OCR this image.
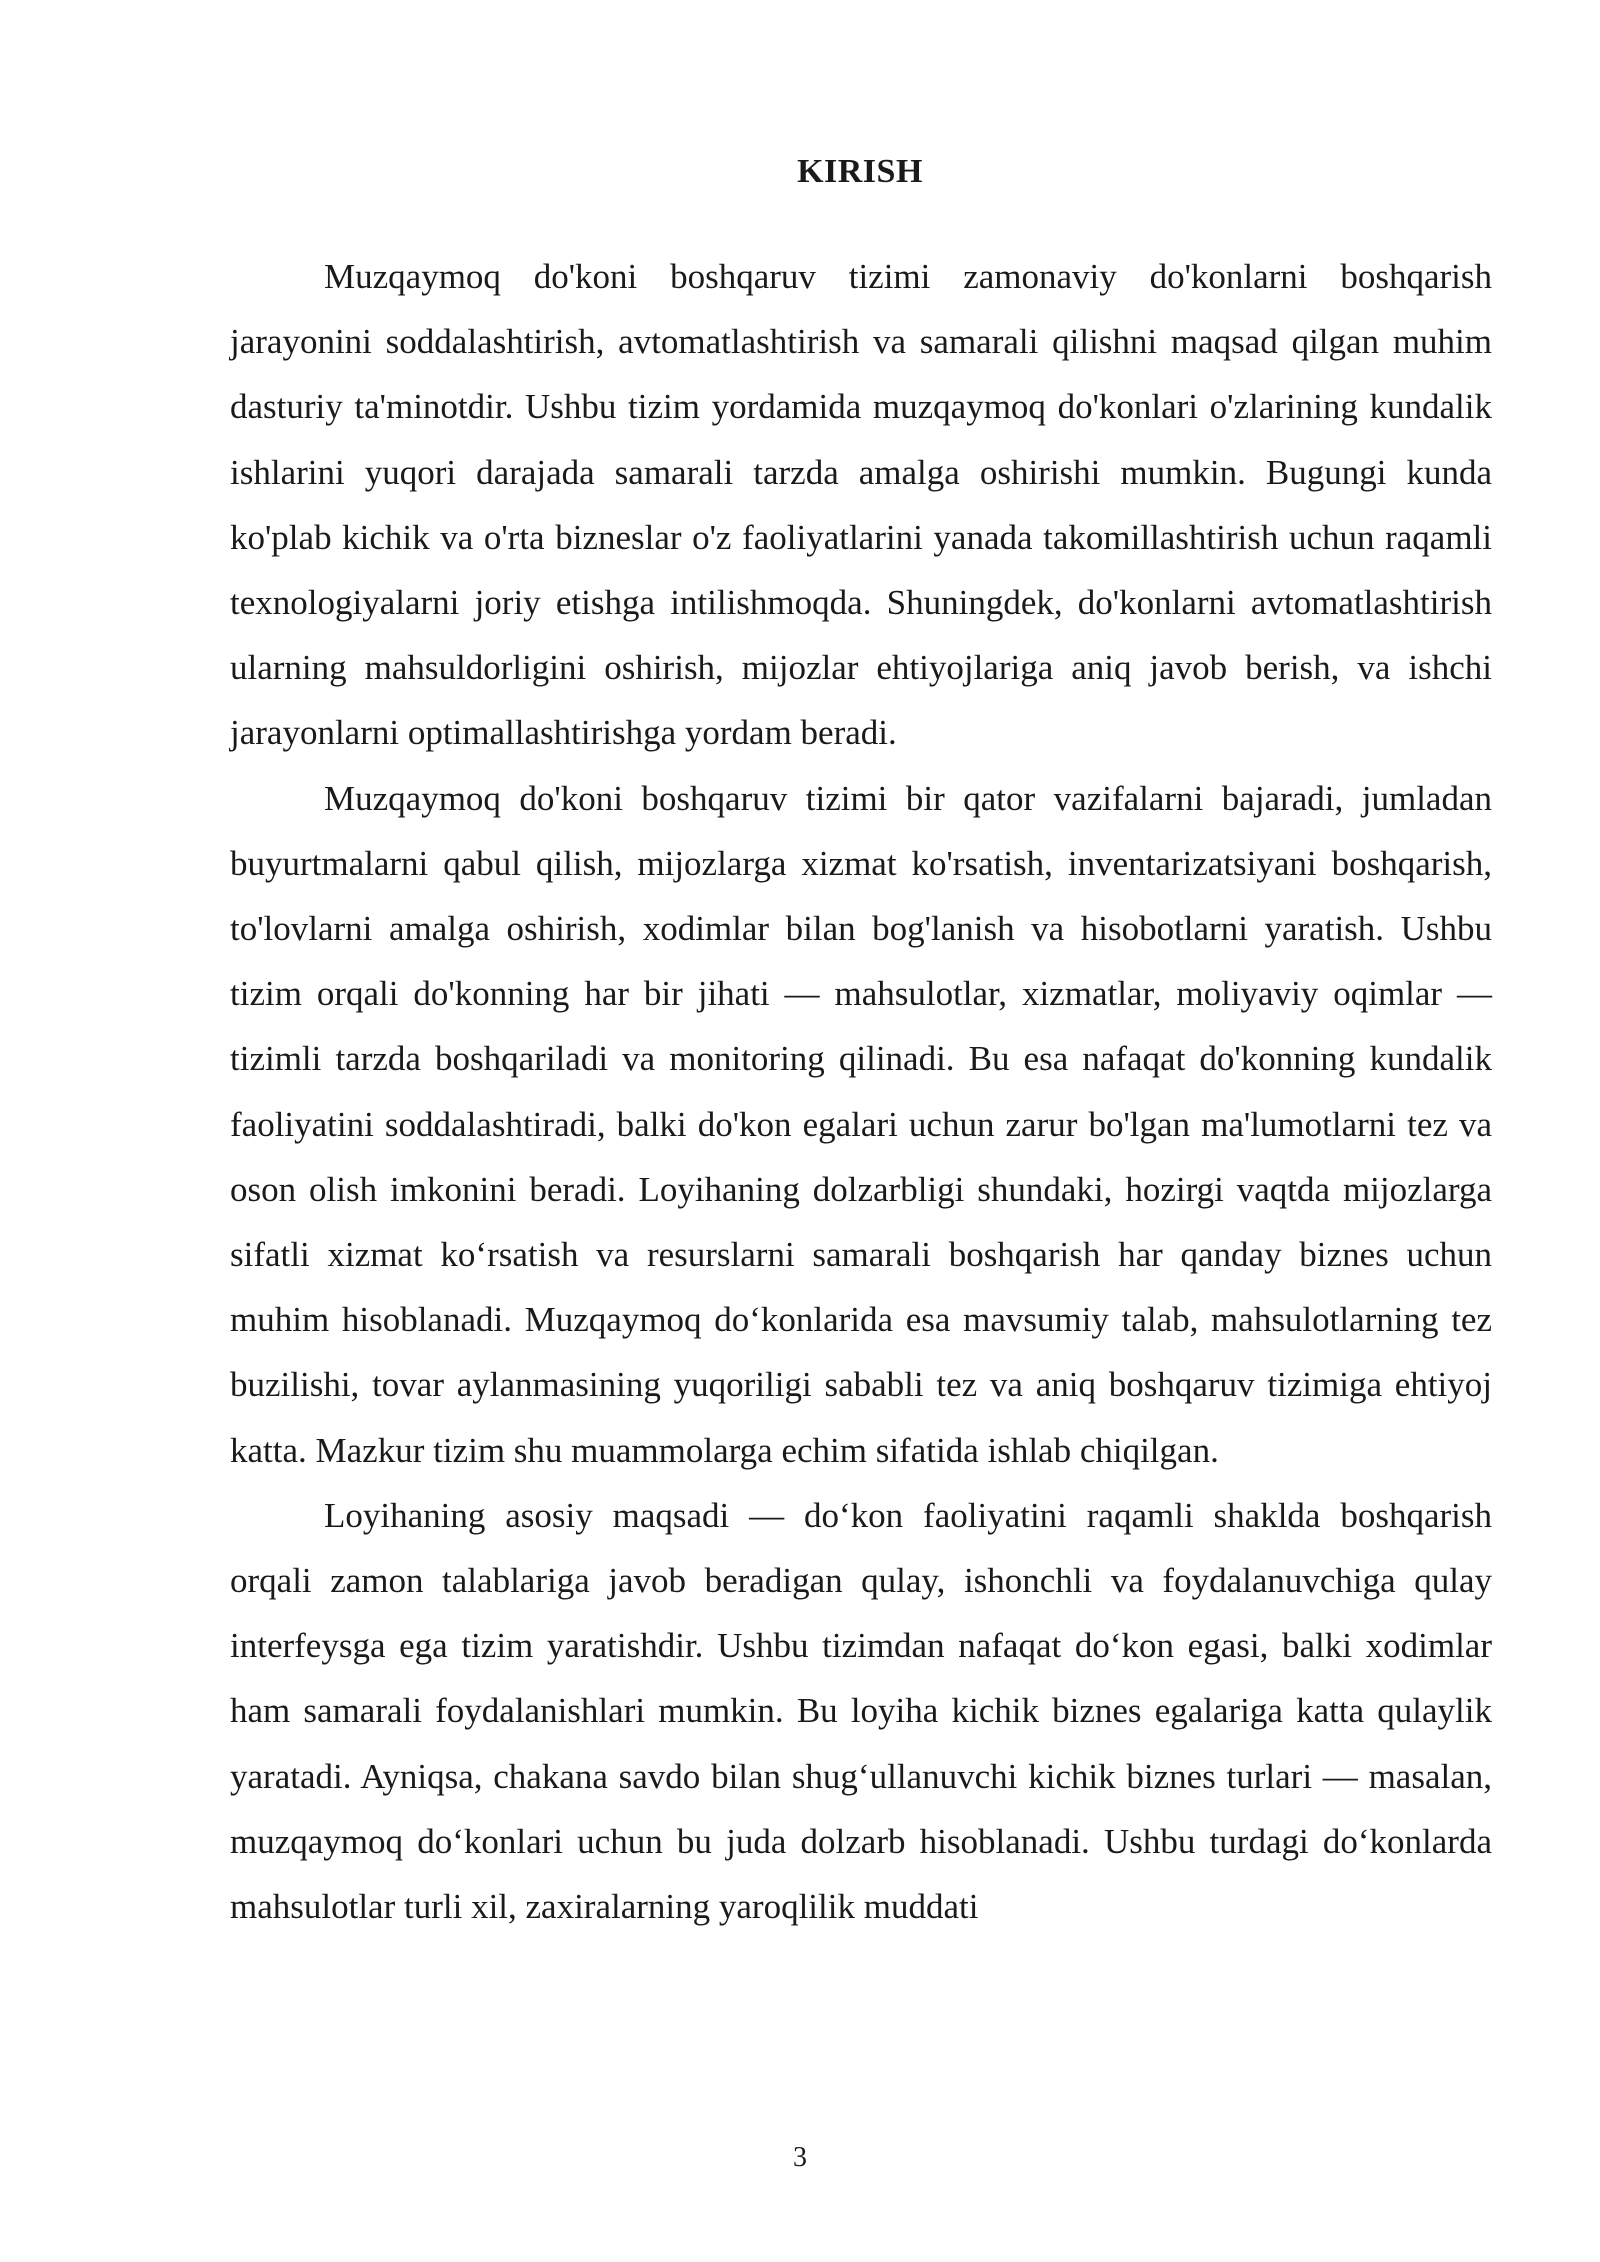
KIRISH

Muzqaymoq do'koni boshqaruv tizimi zamonaviy do'konlarni boshqarish jarayonini soddalashtirish, avtomatlashtirish va samarali qilishni maqsad qilgan muhim dasturiy ta'minotdir. Ushbu tizim yordamida muzqaymoq do'konlari o'zlarining kundalik ishlarini yuqori darajada samarali tarzda amalga oshirishi mumkin. Bugungi kunda ko'plab kichik va o'rta bizneslar o'z faoliyatlarini yanada takomillashtirish uchun raqamli texnologiyalarni joriy etishga intilishmoqda. Shuningdek, do'konlarni avtomatlashtirish ularning mahsuldorligini oshirish, mijozlar ehtiyojlariga aniq javob berish, va ishchi jarayonlarni optimallashtirishga yordam beradi.

Muzqaymoq do'koni boshqaruv tizimi bir qator vazifalarni bajaradi, jumladan buyurtmalarni qabul qilish, mijozlarga xizmat ko'rsatish, inventarizatsiyani boshqarish, to'lovlarni amalga oshirish, xodimlar bilan bog'lanish va hisobotlarni yaratish. Ushbu tizim orqali do'konning har bir jihati — mahsulotlar, xizmatlar, moliyaviy oqimlar — tizimli tarzda boshqariladi va monitoring qilinadi. Bu esa nafaqat do'konning kundalik faoliyatini soddalashtiradi, balki do'kon egalari uchun zarur bo'lgan ma'lumotlarni tez va oson olish imkonini beradi. Loyihaning dolzarbligi shundaki, hozirgi vaqtda mijozlarga sifatli xizmat ko‘rsatish va resurslarni samarali boshqarish har qanday biznes uchun muhim hisoblanadi. Muzqaymoq do‘konlarida esa mavsumiy talab, mahsulotlarning tez buzilishi, tovar aylanmasining yuqoriligi sababli tez va aniq boshqaruv tizimiga ehtiyoj katta. Mazkur tizim shu muammolarga echim sifatida ishlab chiqilgan.

Loyihaning asosiy maqsadi — do‘kon faoliyatini raqamli shaklda boshqarish orqali zamon talablariga javob beradigan qulay, ishonchli va foydalanuvchiga qulay interfeysga ega tizim yaratishdir. Ushbu tizimdan nafaqat do‘kon egasi, balki xodimlar ham samarali foydalanishlari mumkin. Bu loyiha kichik biznes egalariga katta qulaylik yaratadi. Ayniqsa, chakana savdo bilan shug‘ullanuvchi kichik biznes turlari — masalan, muzqaymoq do‘konlari uchun bu juda dolzarb hisoblanadi. Ushbu turdagi do‘konlarda mahsulotlar turli xil, zaxiralarning yaroqlilik muddati

3
